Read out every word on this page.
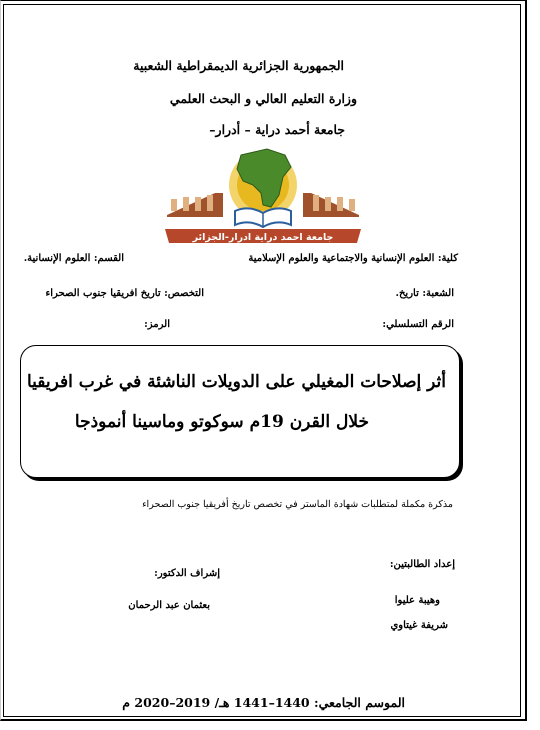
الجمهورية الجزائرية الديمقراطية الشعبية
وزارة التعليم العالي و البحث العلمي
جامعة أحمد دراية – أدرار–
جامعة احمد دراية ادرار-الجزائر
كلية: العلوم الإنسانية والاجتماعية والعلوم الإسلامية
القسم: العلوم الإنسانية.
الشعبة: تاريخ.
التخصص: تاريخ افريقيا جنوب الصحراء
الرقم التسلسلي:
الرمز:
أثر إصلاحات المغيلي على الدويلات الناشئة في غرب افريقيا
خلال القرن 19م سوكوتو وماسينا أنموذجا
مذكرة مكملة لمتطلبات شهادة الماستر في تخصص تاريخ أفريقيا جنوب الصحراء
إعداد الطالبتين:
إشراف الدكتور:
وهيبة عليوا
بعثمان عبد الرحمان
شريفة غيتاوي
الموسم الجامعي: 1440–1441 هـ/ 2019–2020 م
